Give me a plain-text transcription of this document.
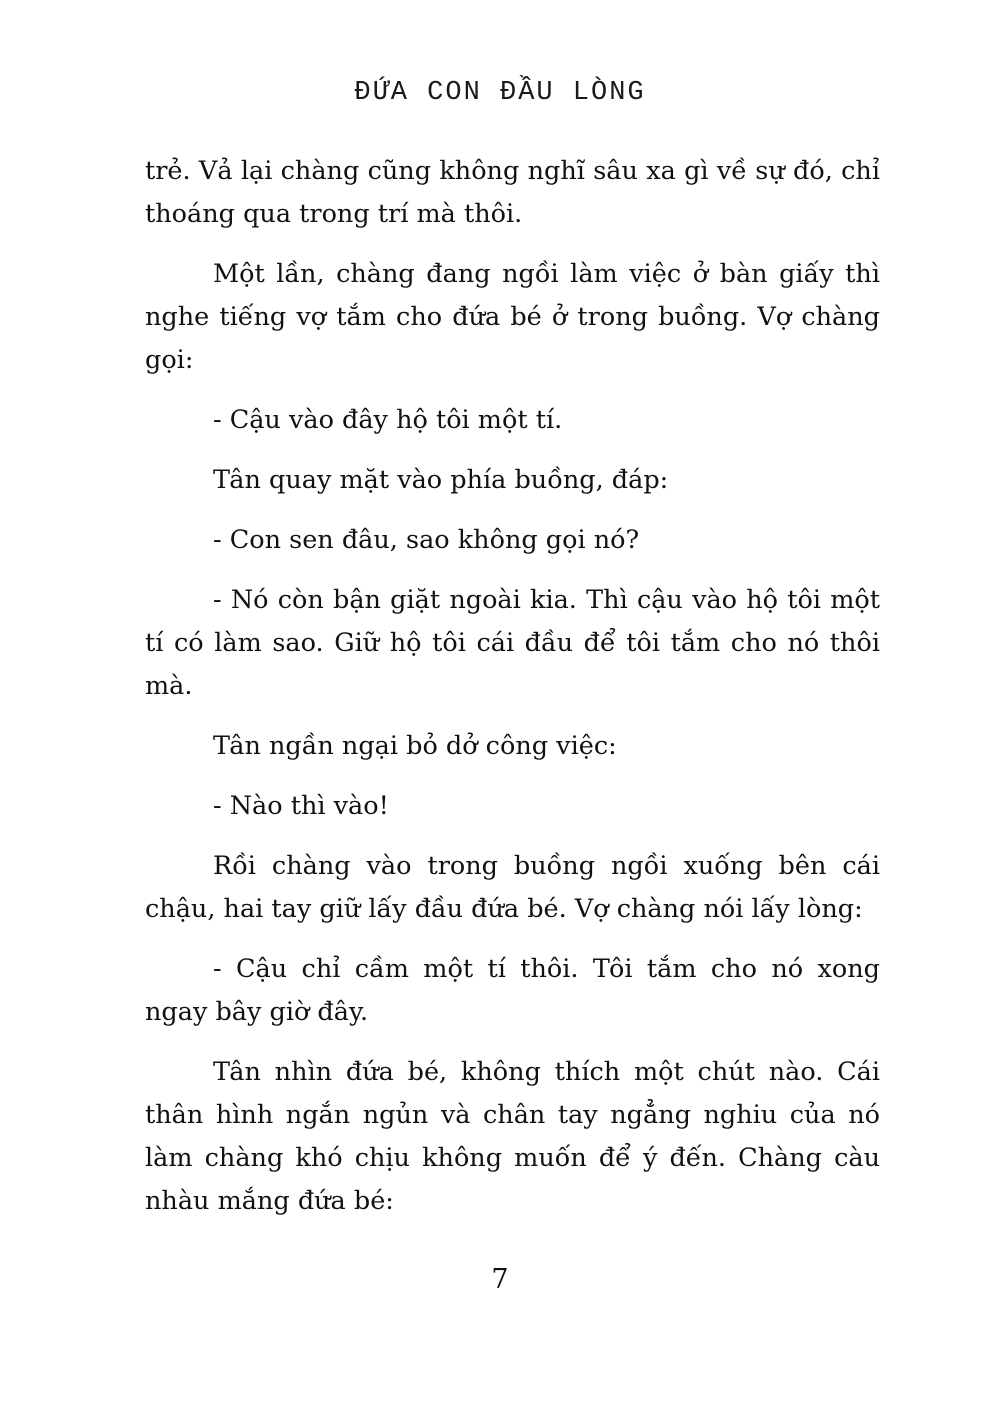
ĐỨA CON ĐẦU LÒNG

trẻ. Vả lại chàng cũng không nghĩ sâu xa gì về sự đó, chỉ thoáng qua trong trí mà thôi.

Một lần, chàng đang ngồi làm việc ở bàn giấy thì nghe tiếng vợ tắm cho đứa bé ở trong buồng. Vợ chàng gọi:

- Cậu vào đây hộ tôi một tí.

Tân quay mặt vào phía buồng, đáp:

- Con sen đâu, sao không gọi nó?

- Nó còn bận giặt ngoài kia. Thì cậu vào hộ tôi một tí có làm sao. Giữ hộ tôi cái đầu để tôi tắm cho nó thôi mà.

Tân ngần ngại bỏ dở công việc:

- Nào thì vào!

Rồi chàng vào trong buồng ngồi xuống bên cái chậu, hai tay giữ lấy đầu đứa bé. Vợ chàng nói lấy lòng:

- Cậu chỉ cầm một tí thôi. Tôi tắm cho nó xong ngay bây giờ đây.

Tân nhìn đứa bé, không thích một chút nào. Cái thân hình ngắn ngủn và chân tay ngẳng nghiu của nó làm chàng khó chịu không muốn để ý đến. Chàng càu nhàu mắng đứa bé:

7
